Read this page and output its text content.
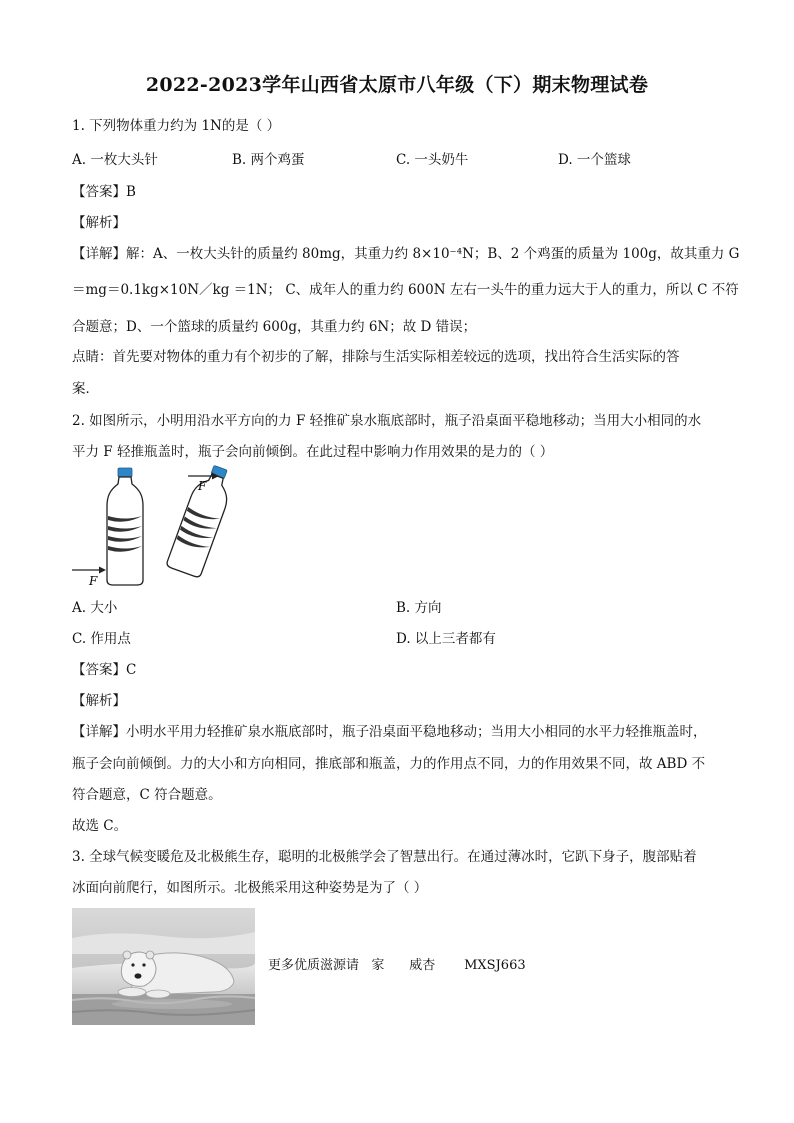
2022-2023学年山西省太原市八年级（下）期末物理试卷
1. 下列物体重力约为 1N的是（ ）
A. 一枚大头针	B. 两个鸡蛋	C. 一头奶牛	D. 一个篮球
【答案】B
【解析】
【详解】解：A、一枚大头针的质量约 80mg，其重力约 8×10⁻⁴N；B、2 个鸡蛋的质量为 100g，故其重力 G
＝mg＝0.1kg×10N／kg ＝1N； C、成年人的重力约 600N 左右一头牛的重力远大于人的重力，所以 C 不符
合题意；D、一个篮球的质量约 600g，其重力约 6N；故 D 错误；
点睛：首先要对物体的重力有个初步的了解，排除与生活实际相差较远的选项，找出符合生活实际的答
案．
2. 如图所示，小明用沿水平方向的力 F 轻推矿泉水瓶底部时，瓶子沿桌面平稳地移动；当用大小相同的水
平力 F 轻推瓶盖时，瓶子会向前倾倒。在此过程中影响力作用效果的是力的（ ）
F
F
A. 大小	B. 方向
C. 作用点	D. 以上三者都有
【答案】C
【解析】
【详解】小明水平用力轻推矿泉水瓶底部时，瓶子沿桌面平稳地移动；当用大小相同的水平力轻推瓶盖时，
瓶子会向前倾倒。力的大小和方向相同，推底部和瓶盖，力的作用点不同，力的作用效果不同，故 ABD 不
符合题意，C 符合题意。
故选 C。
3. 全球气候变暖危及北极熊生存，聪明的北极熊学会了智慧出行。在通过薄冰时，它趴下身子，腹部贴着
冰面向前爬行，如图所示。北极熊采用这种姿势是为了（ ）
更多优质滋源请   家      威杏       MXSJ663
